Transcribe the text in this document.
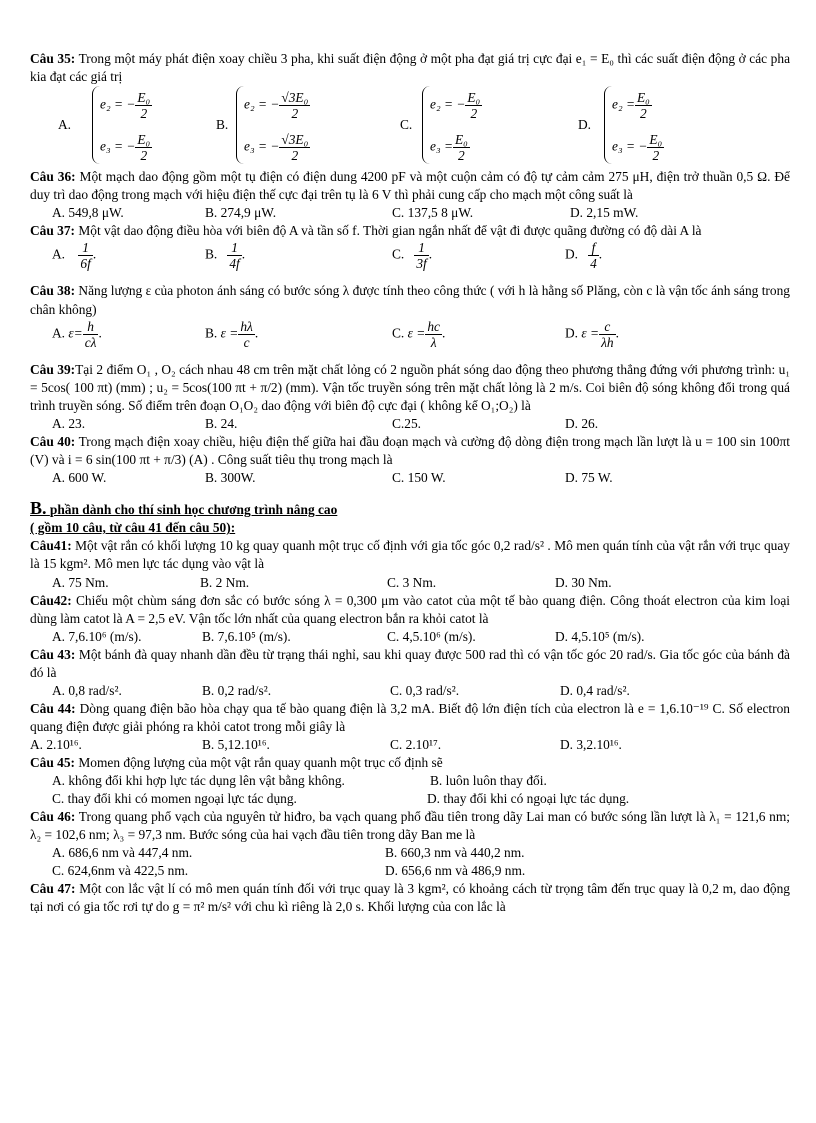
Câu 35: Trong một máy phát điện xoay chiều 3 pha, khi suất điện động ở một pha đạt giá trị cực đại e₁ = E₀ thì các suất điện động ở các pha kia đạt các giá trị

A.
e₂ = − $\frac{\text{E₀}}{2}$
e₃ = − $\frac{\text{E₀}}{2}$
B.
e₂ = − $\frac{\text{√3E₀}}{2}$
e₃ = − $\frac{\text{√3E₀}}{2}$
C.
e₂ = − $\frac{\text{E₀}}{2}$
$e_3 = \frac{\text{E₀}}{2}$
D.
$e_2 = \frac{\text{E₀}}{2}$
e₃ = − $\frac{\text{E₀}}{2}$

Câu 36: Một mạch dao động gồm một tụ điện có điện dung 4200 pF và một cuộn cảm có độ tự cảm cảm 275 μH, điện trở thuần 0,5 Ω. Để duy trì dao động trong mạch với hiệu điện thế cực đại trên tụ là 6 V thì phải cung cấp cho mạch một công suất là

A. 549,8 μW.	B. 274,9 μW.	C. 137,5 8 μW.	D. 2,15 mW.

Câu 37: Một vật dao động điều hòa với biên độ A và tần số f. Thời gian ngắn nhất để vật đi được quãng đường có độ dài A là

A. $\frac{1}{6f}$ .	B. $\frac{1}{4f}$ .	C. $\frac{1}{3f}$ .	D. $\frac{f}{4}$ .

Câu 38: Năng lượng ε của photon ánh sáng có bước sóng λ được tính theo công thức ( với h là hằng số Plăng, còn c là vận tốc ánh sáng trong chân không)

A. $\varepsilon= \frac{h}{c\lambda}$ .	B. $\varepsilon = \frac{h\lambda}{c}$ .	C. $\varepsilon = \frac{hc}{\lambda}$ .	D. $\varepsilon = \frac{c}{\lambda h}$ .

Câu 39:Tại 2 điểm O₁ , O₂ cách nhau 48 cm trên mặt chất lỏng có 2 nguồn phát sóng dao động theo phương thẳng đứng với phương trình: u₁ = 5cos( 100 πt) (mm) ; u₂ = 5cos(100 πt + π/2) (mm). Vận tốc truyền sóng trên mặt chất lỏng là 2 m/s. Coi biên độ sóng không đổi trong quá trình truyền sóng. Số điểm trên đoạn O₁O₂ dao động với biên độ cực đại ( không kể O₁;O₂) là

A. 23.	B. 24.	C.25.	D. 26.

Câu 40: Trong mạch điện xoay chiều, hiệu điện thế giữa hai đầu đoạn mạch và cường độ dòng điện trong mạch lần lượt là u = 100 sin 100πt (V) và i = 6 sin(100 πt + π/3) (A) . Công suất tiêu thụ trong mạch là

A. 600 W.	B. 300W.	C. 150 W.	D. 75 W.
B. phần dành cho thí sinh học chương trình nâng cao
( gồm 10 câu, từ câu 41 đến câu 50):

Câu41: Một vật rắn có khối lượng 10 kg quay quanh một trục cố định với gia tốc góc 0,2 rad/s² . Mô men quán tính của vật rắn với trục quay là 15 kgm². Mô men lực tác dụng vào vật là

A. 75 Nm.	B. 2 Nm.	C. 3 Nm.	D. 30 Nm.

Câu42: Chiếu một chùm sáng đơn sắc có bước sóng λ = 0,300 μm vào catot của một tế bào quang điện. Công thoát electron của kim loại dùng làm catot là A = 2,5 eV. Vận tốc lớn nhất của quang electron bắn ra khỏi catot là

A. 7,6.10⁶ (m/s).	B. 7,6.10⁵ (m/s).	C. 4,5.10⁶ (m/s).	D. 4,5.10⁵ (m/s).

Câu 43: Một bánh đà quay nhanh dần đều từ trạng thái nghỉ, sau khi quay được 500 rad thì có vận tốc góc 20 rad/s. Gia tốc góc của bánh đà đó là

A. 0,8 rad/s².	B. 0,2 rad/s².	C. 0,3 rad/s².	D. 0,4 rad/s².

Câu 44: Dòng quang điện bão hòa chạy qua tế bào quang điện là 3,2 mA. Biết độ lớn điện tích của electron là e = 1,6.10⁻¹⁹ C. Số electron quang điện được giải phóng ra khỏi catot trong mỗi giây là

A. 2.10¹⁶.	B. 5,12.10¹⁶.	C. 2.10¹⁷.	D. 3,2.10¹⁶.

Câu 45: Momen động lượng của một vật rắn quay quanh một trục cố định sẽ

A. không đổi khi hợp lực tác dụng lên vật bằng không.	B. luôn luôn thay đổi.
C. thay đổi khi có momen ngoại lực tác dụng.	D. thay đổi khi có ngoại lực tác dụng.

Câu 46: Trong quang phổ vạch của nguyên tử hiđro, ba vạch quang phổ đầu tiên trong dãy Lai man có bước sóng lần lượt là λ₁ = 121,6 nm; λ₂ = 102,6 nm; λ₃ = 97,3 nm. Bước sóng của hai vạch đầu tiên trong dãy Ban me là

A. 686,6 nm và 447,4 nm.	B. 660,3 nm và 440,2 nm.
C. 624,6nm và 422,5 nm.	D. 656,6 nm và 486,9 nm.

Câu 47: Một con lắc vật lí có mô men quán tính đối với trục quay là 3 kgm², có khoảng cách từ trọng tâm đến trục quay là 0,2 m, dao động tại nơi có gia tốc rơi tự do g = π² m/s² với chu kì riêng là 2,0 s. Khối lượng của con lắc là
